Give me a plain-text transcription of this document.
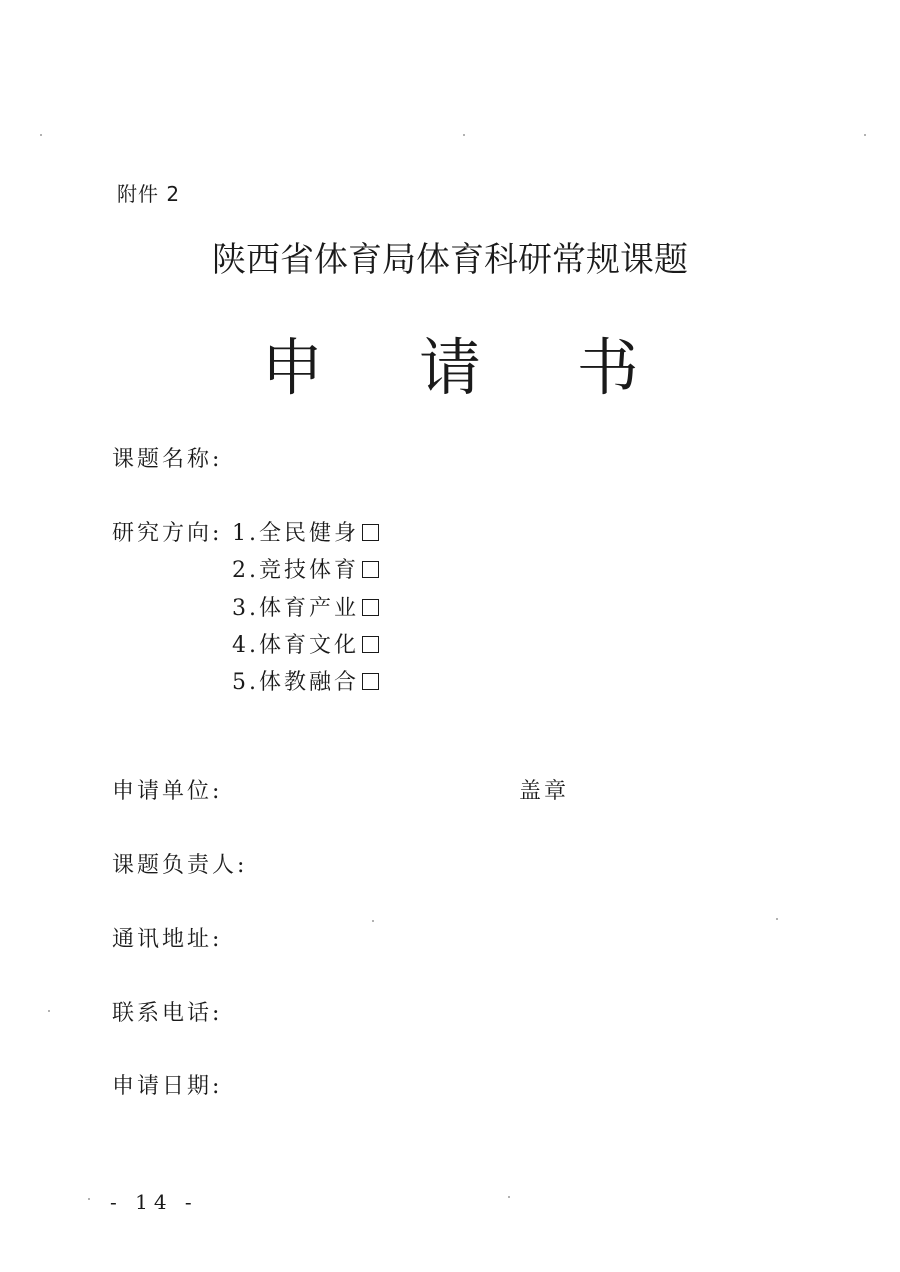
附件 2
陕西省体育局体育科研常规课题
申 请 书
课题名称:
研究方向: 1.全民健身
2.竞技体育
3.体育产业
4.体育文化
5.体教融合
申请单位:	盖章
课题负责人:
通讯地址:
联系电话:
申请日期:
- 14 -
